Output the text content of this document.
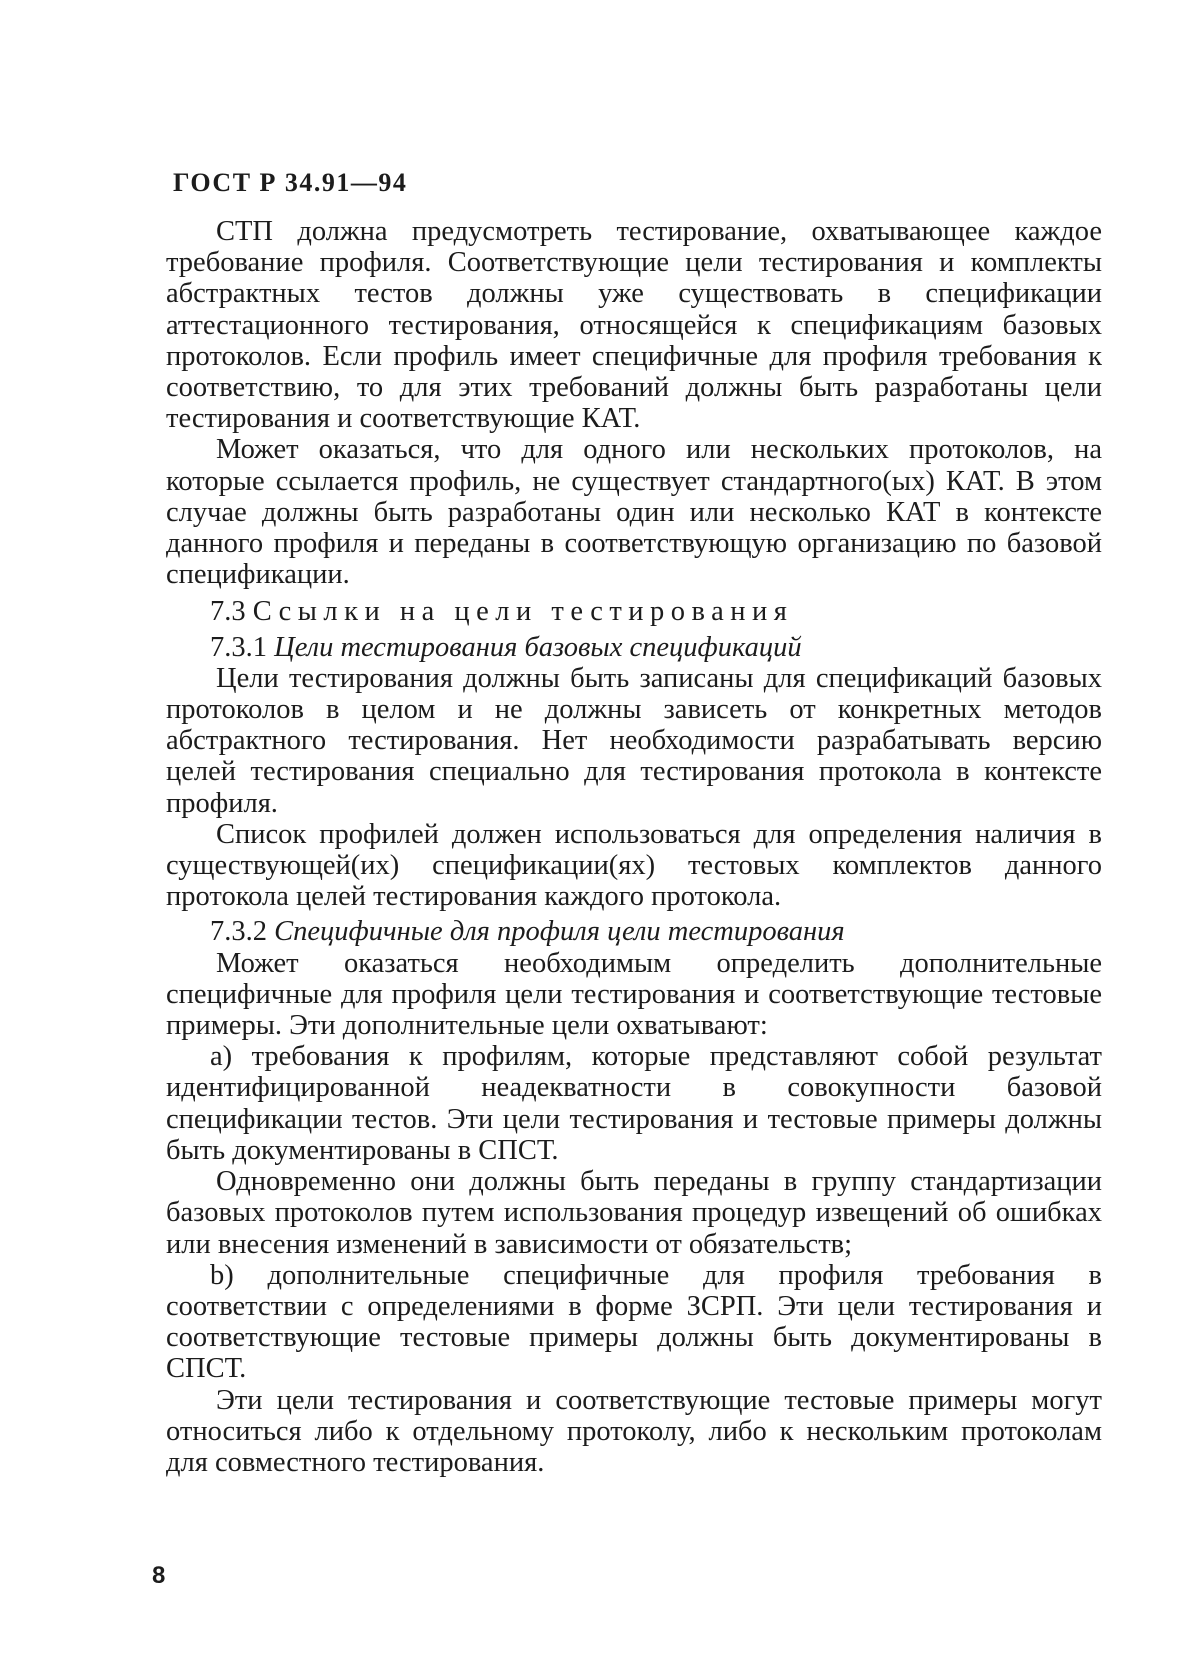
ГОСТ Р 34.91—94

СТП должна предусмотреть тестирование, охватывающее каждое требование профиля. Соответствующие цели тестирования и комплекты абстрактных тестов должны уже существовать в спецификации аттестационного тестирования, относящейся к спецификациям базовых протоколов. Если профиль имеет специфичные для профиля требования к соответствию, то для этих требований должны быть разработаны цели тестирования и соответствующие КАТ.

Может оказаться, что для одного или нескольких протоколов, на которые ссылается профиль, не существует стандартного(ых) КАТ. В этом случае должны быть разработаны один или несколько КАТ в контексте данного профиля и переданы в соответствующую организацию по базовой спецификации.

7.3 Ссылки на цели тестирования
7.3.1 Цели тестирования базовых спецификаций

Цели тестирования должны быть записаны для спецификаций базовых протоколов в целом и не должны зависеть от конкретных методов абстрактного тестирования. Нет необходимости разрабатывать версию целей тестирования специально для тестирования протокола в контексте профиля.

Список профилей должен использоваться для определения наличия в существующей(их) спецификации(ях) тестовых комплектов данного протокола целей тестирования каждого протокола.

7.3.2 Специфичные для профиля цели тестирования

Может оказаться необходимым определить дополнительные специфичные для профиля цели тестирования и соответствующие тестовые примеры. Эти дополнительные цели охватывают:

а) требования к профилям, которые представляют собой результат идентифицированной неадекватности в совокупности базовой спецификации тестов. Эти цели тестирования и тестовые примеры должны быть документированы в СПСТ.

Одновременно они должны быть переданы в группу стандартизации базовых протоколов путем использования процедур извещений об ошибках или внесения изменений в зависимости от обязательств;

b) дополнительные специфичные для профиля требования в соответствии с определениями в форме ЗСРП. Эти цели тестирования и соответствующие тестовые примеры должны быть документированы в СПСТ.

Эти цели тестирования и соответствующие тестовые примеры могут относиться либо к отдельному протоколу, либо к нескольким протоколам для совместного тестирования.

8
